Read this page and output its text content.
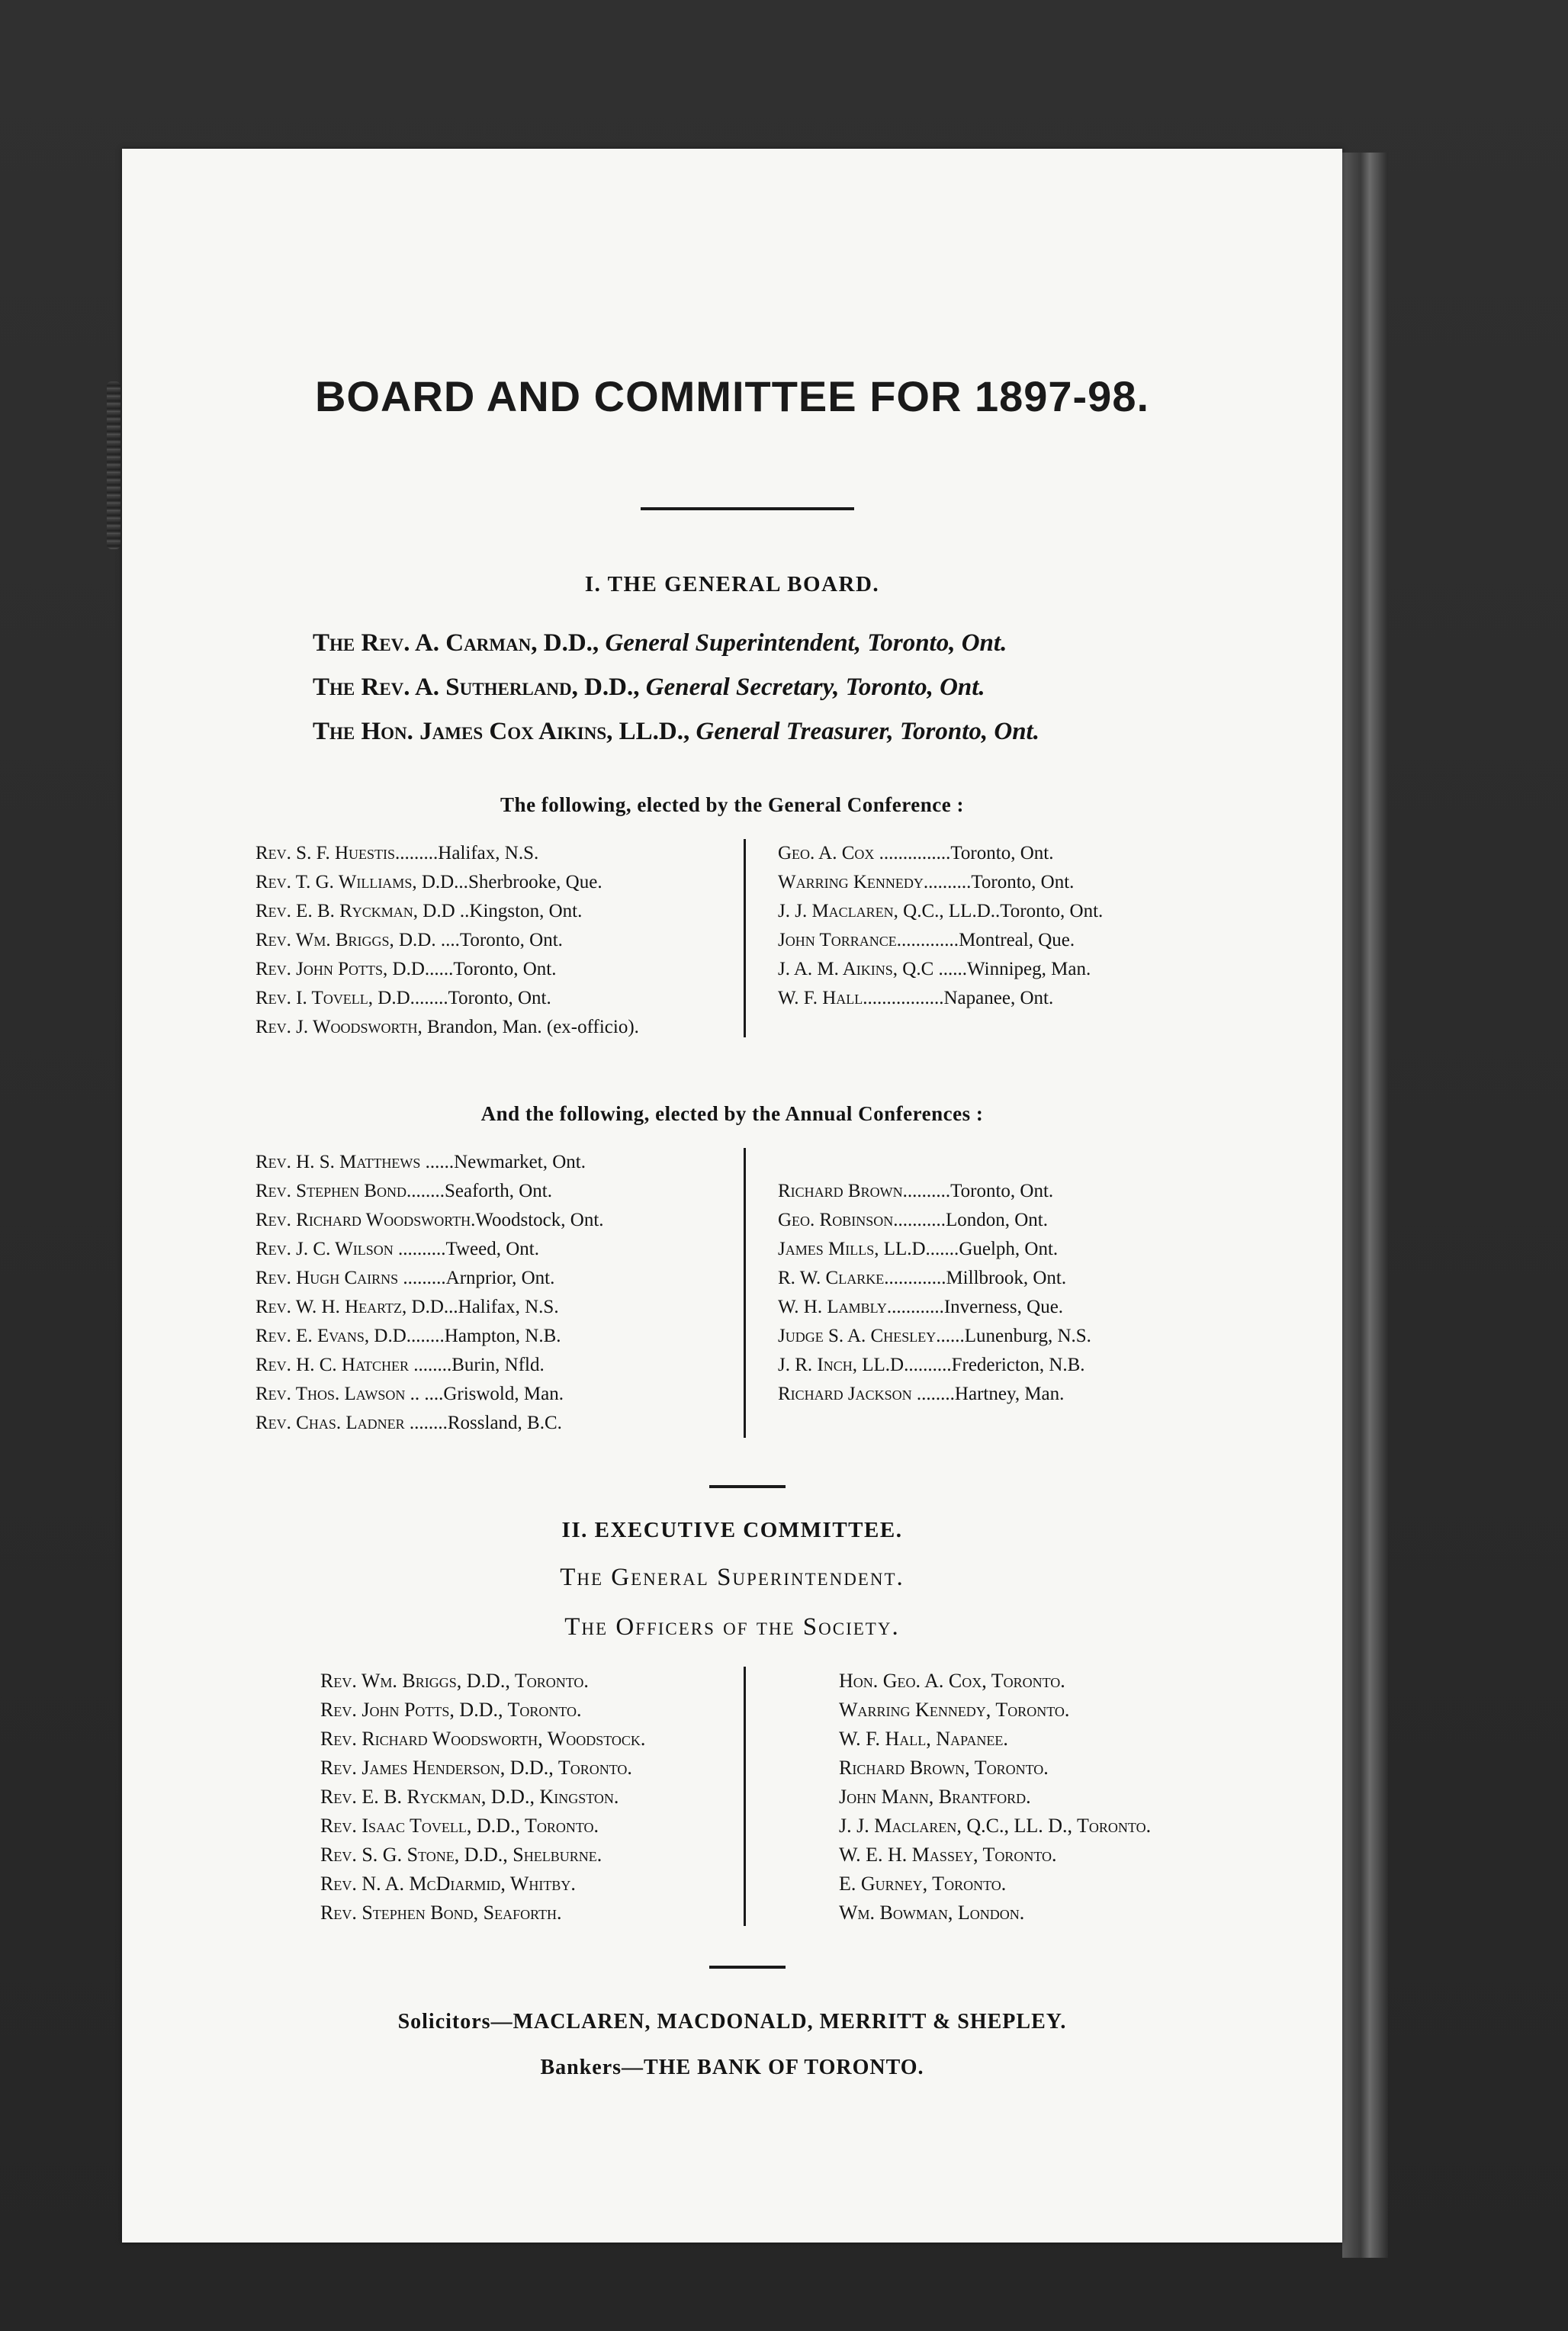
BOARD AND COMMITTEE FOR 1897-98.
I. THE GENERAL BOARD.
The Rev. A. Carman, D.D., General Superintendent, Toronto, Ont.
The Rev. A. Sutherland, D.D., General Secretary, Toronto, Ont.
The Hon. James Cox Aikins, LL.D., General Treasurer, Toronto, Ont.
The following, elected by the General Conference :
Rev. S. F. Huestis.........Halifax, N.S.
Rev. T. G. Williams, D.D...Sherbrooke, Que.
Rev. E. B. Ryckman, D.D ..Kingston, Ont.
Rev. Wm. Briggs, D.D. ....Toronto, Ont.
Rev. John Potts, D.D......Toronto, Ont.
Rev. I. Tovell, D.D........Toronto, Ont.
Rev. J. Woodsworth, Brandon, Man. (ex-officio).
Geo. A. Cox ...............Toronto, Ont.
Warring Kennedy..........Toronto, Ont.
J. J. Maclaren, Q.C., LL.D..Toronto, Ont.
John Torrance.............Montreal, Que.
J. A. M. Aikins, Q.C ......Winnipeg, Man.
W. F. Hall.................Napanee, Ont.
And the following, elected by the Annual Conferences :
Rev. H. S. Matthews ......Newmarket, Ont.
Rev. Stephen Bond........Seaforth, Ont.
Rev. Richard Woodsworth.Woodstock, Ont.
Rev. J. C. Wilson ..........Tweed, Ont.
Rev. Hugh Cairns .........Arnprior, Ont.
Rev. W. H. Heartz, D.D...Halifax, N.S.
Rev. E. Evans, D.D........Hampton, N.B.
Rev. H. C. Hatcher ........Burin, Nfld.
Rev. Thos. Lawson .. ....Griswold, Man.
Rev. Chas. Ladner ........Rossland, B.C.
Richard Brown..........Toronto, Ont.
Geo. Robinson...........London, Ont.
James Mills, LL.D.......Guelph, Ont.
R. W. Clarke.............Millbrook, Ont.
W. H. Lambly............Inverness, Que.
Judge S. A. Chesley......Lunenburg, N.S.
J. R. Inch, LL.D..........Fredericton, N.B.
Richard Jackson ........Hartney, Man.
II. EXECUTIVE COMMITTEE.
The General Superintendent.
The Officers of the Society.
Rev. Wm. Briggs, D.D., Toronto.
Rev. John Potts, D.D., Toronto.
Rev. Richard Woodsworth, Woodstock.
Rev. James Henderson, D.D., Toronto.
Rev. E. B. Ryckman, D.D., Kingston.
Rev. Isaac Tovell, D.D., Toronto.
Rev. S. G. Stone, D.D., Shelburne.
Rev. N. A. McDiarmid, Whitby.
Rev. Stephen Bond, Seaforth.
Hon. Geo. A. Cox, Toronto.
Warring Kennedy, Toronto.
W. F. Hall, Napanee.
Richard Brown, Toronto.
John Mann, Brantford.
J. J. Maclaren, Q.C., LL. D., Toronto.
W. E. H. Massey, Toronto.
E. Gurney, Toronto.
Wm. Bowman, London.
Solicitors—MACLAREN, MACDONALD, MERRITT & SHEPLEY.
Bankers—THE BANK OF TORONTO.
